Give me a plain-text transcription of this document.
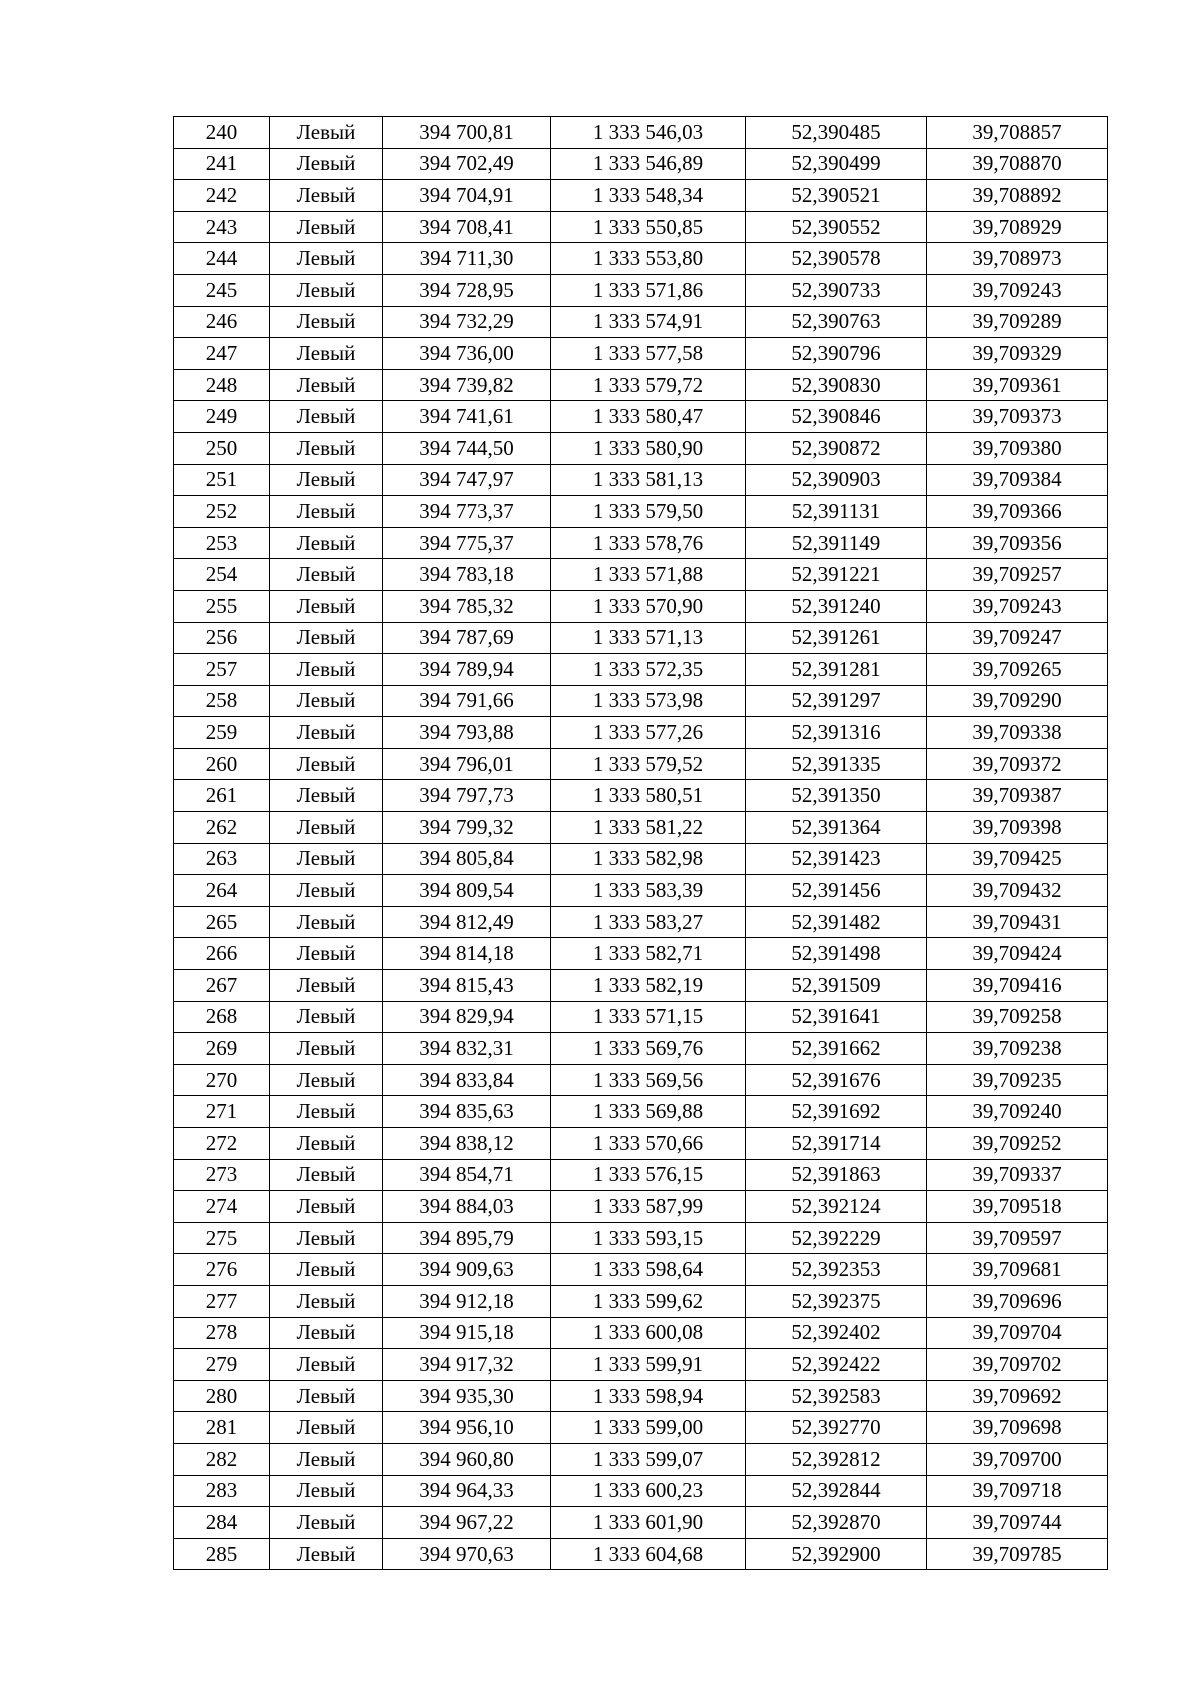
240	Левый	394 700,81	1 333 546,03	52,390485	39,708857
241	Левый	394 702,49	1 333 546,89	52,390499	39,708870
242	Левый	394 704,91	1 333 548,34	52,390521	39,708892
243	Левый	394 708,41	1 333 550,85	52,390552	39,708929
244	Левый	394 711,30	1 333 553,80	52,390578	39,708973
245	Левый	394 728,95	1 333 571,86	52,390733	39,709243
246	Левый	394 732,29	1 333 574,91	52,390763	39,709289
247	Левый	394 736,00	1 333 577,58	52,390796	39,709329
248	Левый	394 739,82	1 333 579,72	52,390830	39,709361
249	Левый	394 741,61	1 333 580,47	52,390846	39,709373
250	Левый	394 744,50	1 333 580,90	52,390872	39,709380
251	Левый	394 747,97	1 333 581,13	52,390903	39,709384
252	Левый	394 773,37	1 333 579,50	52,391131	39,709366
253	Левый	394 775,37	1 333 578,76	52,391149	39,709356
254	Левый	394 783,18	1 333 571,88	52,391221	39,709257
255	Левый	394 785,32	1 333 570,90	52,391240	39,709243
256	Левый	394 787,69	1 333 571,13	52,391261	39,709247
257	Левый	394 789,94	1 333 572,35	52,391281	39,709265
258	Левый	394 791,66	1 333 573,98	52,391297	39,709290
259	Левый	394 793,88	1 333 577,26	52,391316	39,709338
260	Левый	394 796,01	1 333 579,52	52,391335	39,709372
261	Левый	394 797,73	1 333 580,51	52,391350	39,709387
262	Левый	394 799,32	1 333 581,22	52,391364	39,709398
263	Левый	394 805,84	1 333 582,98	52,391423	39,709425
264	Левый	394 809,54	1 333 583,39	52,391456	39,709432
265	Левый	394 812,49	1 333 583,27	52,391482	39,709431
266	Левый	394 814,18	1 333 582,71	52,391498	39,709424
267	Левый	394 815,43	1 333 582,19	52,391509	39,709416
268	Левый	394 829,94	1 333 571,15	52,391641	39,709258
269	Левый	394 832,31	1 333 569,76	52,391662	39,709238
270	Левый	394 833,84	1 333 569,56	52,391676	39,709235
271	Левый	394 835,63	1 333 569,88	52,391692	39,709240
272	Левый	394 838,12	1 333 570,66	52,391714	39,709252
273	Левый	394 854,71	1 333 576,15	52,391863	39,709337
274	Левый	394 884,03	1 333 587,99	52,392124	39,709518
275	Левый	394 895,79	1 333 593,15	52,392229	39,709597
276	Левый	394 909,63	1 333 598,64	52,392353	39,709681
277	Левый	394 912,18	1 333 599,62	52,392375	39,709696
278	Левый	394 915,18	1 333 600,08	52,392402	39,709704
279	Левый	394 917,32	1 333 599,91	52,392422	39,709702
280	Левый	394 935,30	1 333 598,94	52,392583	39,709692
281	Левый	394 956,10	1 333 599,00	52,392770	39,709698
282	Левый	394 960,80	1 333 599,07	52,392812	39,709700
283	Левый	394 964,33	1 333 600,23	52,392844	39,709718
284	Левый	394 967,22	1 333 601,90	52,392870	39,709744
285	Левый	394 970,63	1 333 604,68	52,392900	39,709785
